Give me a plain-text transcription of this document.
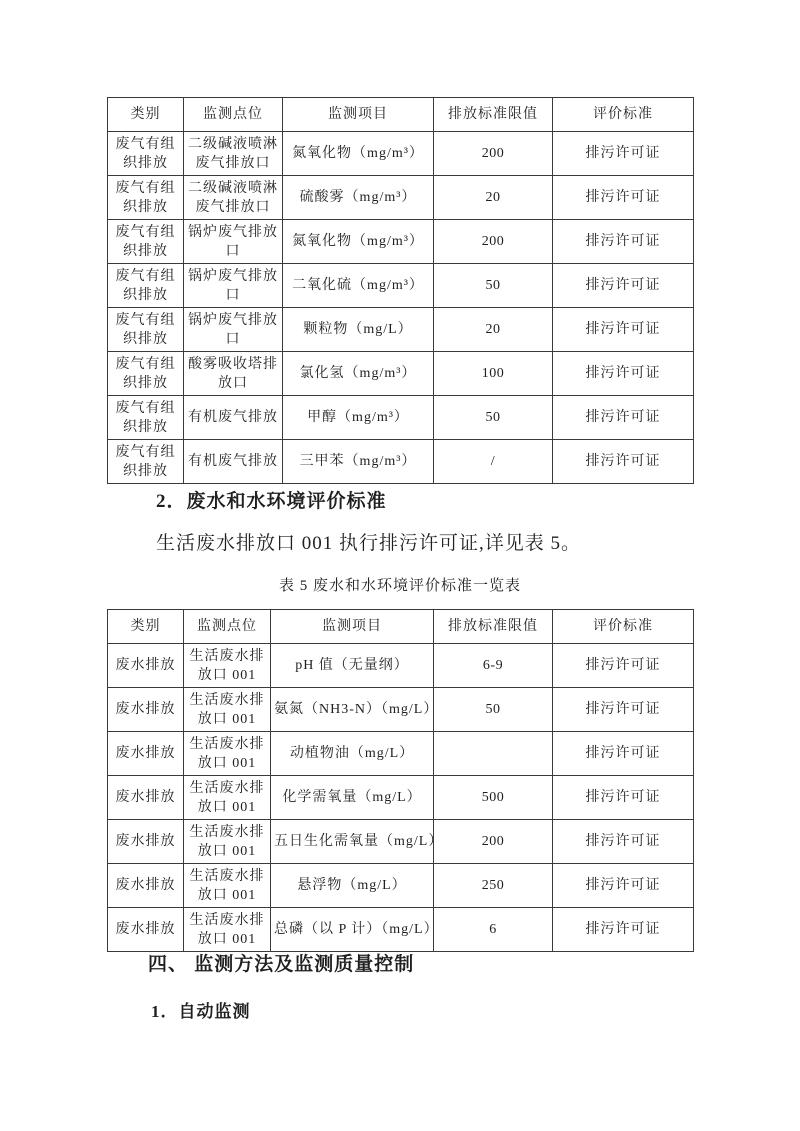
类别	监测点位	监测项目	排放标准限值	评价标准
废气有组织排放	二级碱液喷淋废气排放口	氮氧化物（mg/m³）	200	排污许可证
废气有组织排放	二级碱液喷淋废气排放口	硫酸雾（mg/m³）	20	排污许可证
废气有组织排放	锅炉废气排放口	氮氧化物（mg/m³）	200	排污许可证
废气有组织排放	锅炉废气排放口	二氧化硫（mg/m³）	50	排污许可证
废气有组织排放	锅炉废气排放口	颗粒物（mg/L）	20	排污许可证
废气有组织排放	酸雾吸收塔排放口	氯化氢（mg/m³）	100	排污许可证
废气有组织排放	有机废气排放	甲醇（mg/m³）	50	排污许可证
废气有组织排放	有机废气排放	三甲苯（mg/m³）	/	排污许可证
2．废水和水环境评价标准
生活废水排放口 001 执行排污许可证,详见表 5。
表 5 废水和水环境评价标准一览表
类别	监测点位	监测项目	排放标准限值	评价标准
废水排放	生活废水排放口 001	pH 值（无量纲）	6-9	排污许可证
废水排放	生活废水排放口 001	氨氮（NH3-N）（mg/L）	50	排污许可证
废水排放	生活废水排放口 001	动植物油（mg/L）		排污许可证
废水排放	生活废水排放口 001	化学需氧量（mg/L）	500	排污许可证
废水排放	生活废水排放口 001	五日生化需氧量（mg/L）	200	排污许可证
废水排放	生活废水排放口 001	悬浮物（mg/L）	250	排污许可证
废水排放	生活废水排放口 001	总磷（以 P 计）（mg/L）	6	排污许可证
四、 监测方法及监测质量控制
1．自动监测
